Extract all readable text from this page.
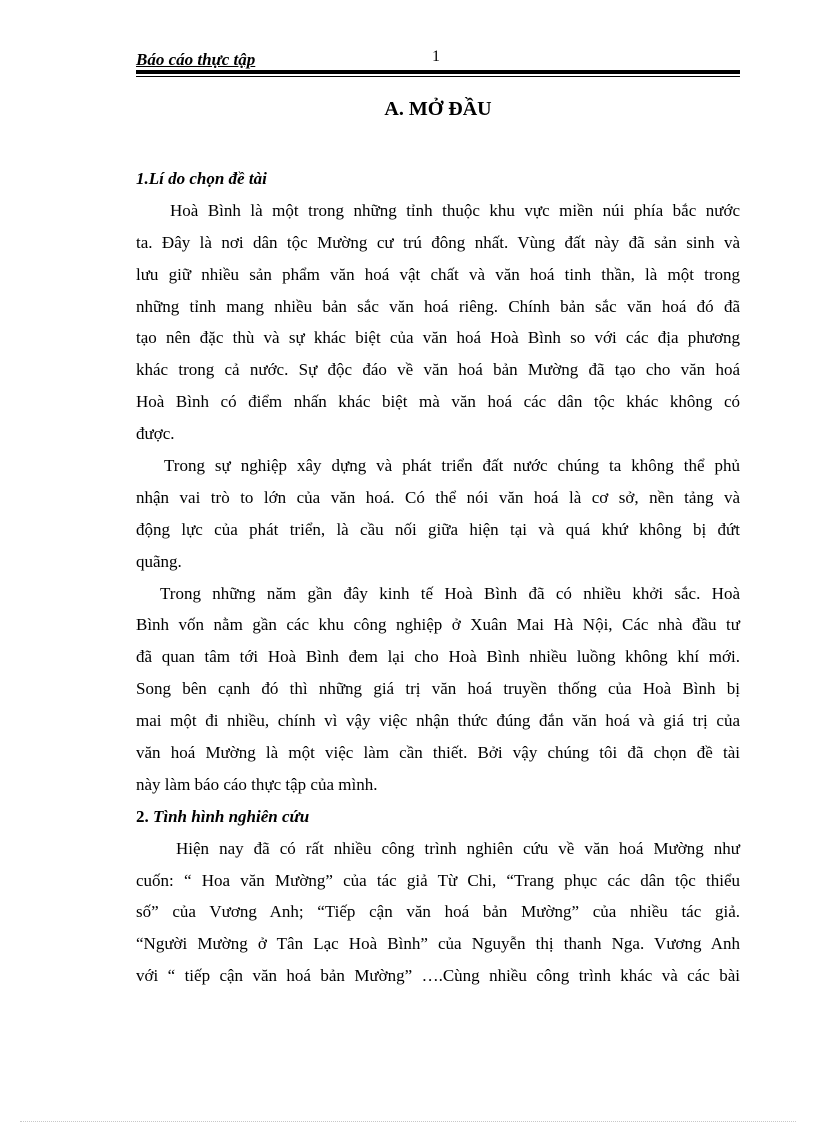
Báo cáo thực tập	1
A. MỞ ĐẦU
1.Lí do chọn đề tài
Hoà Bình là một trong những tỉnh thuộc khu vực miền núi phía bắc nước
ta. Đây là nơi dân tộc Mường cư trú đông nhất. Vùng đất này đã sản sinh và
lưu giữ nhiều sản phẩm văn hoá vật chất và văn hoá tinh thần, là một trong
những tỉnh mang nhiều bản sắc văn hoá riêng. Chính bản sắc văn hoá đó đã
tạo nên đặc thù và sự khác biệt của văn hoá Hoà Bình so với các địa phương
khác trong cả nước. Sự độc đáo về văn hoá bản Mường đã tạo cho văn hoá
Hoà Bình có điểm nhấn khác biệt mà văn hoá các dân tộc khác không có
được.
Trong sự nghiệp xây dựng và phát triển đất nước chúng ta không thể phủ
nhận vai trò to lớn của văn hoá. Có thể nói văn hoá là cơ sở, nền tảng và
động lực của phát triển, là cầu nối giữa hiện tại và quá khứ không bị đứt
quãng.
Trong những năm gần đây kinh tế Hoà Bình đã có nhiều khởi sắc. Hoà
Bình vốn nằm gần các khu công nghiệp ở Xuân Mai Hà Nội, Các nhà đầu tư
đã quan tâm tới Hoà Bình đem lại cho Hoà Bình nhiều luồng không khí mới.
Song bên cạnh đó thì những giá trị văn hoá truyền thống của Hoà Bình bị
mai một đi nhiều, chính vì vậy việc nhận thức đúng đắn văn hoá và giá trị của
văn hoá Mường là một việc làm cần thiết. Bởi vậy chúng tôi đã chọn đề tài
này làm báo cáo thực tập của mình.
2. Tình hình nghiên cứu
Hiện nay đã có rất nhiều công trình nghiên cứu về văn hoá Mường như
cuốn: “ Hoa văn Mường” của tác giả Từ Chi, “Trang phục các dân tộc thiểu
số” của Vương Anh; “Tiếp cận văn hoá bản Mường” của nhiều tác giả.
“Người Mường ở Tân Lạc Hoà Bình” của Nguyễn thị thanh Nga. Vương Anh
với “ tiếp cận văn hoá bản Mường” ….Cùng nhiều công trình khác và các bài
